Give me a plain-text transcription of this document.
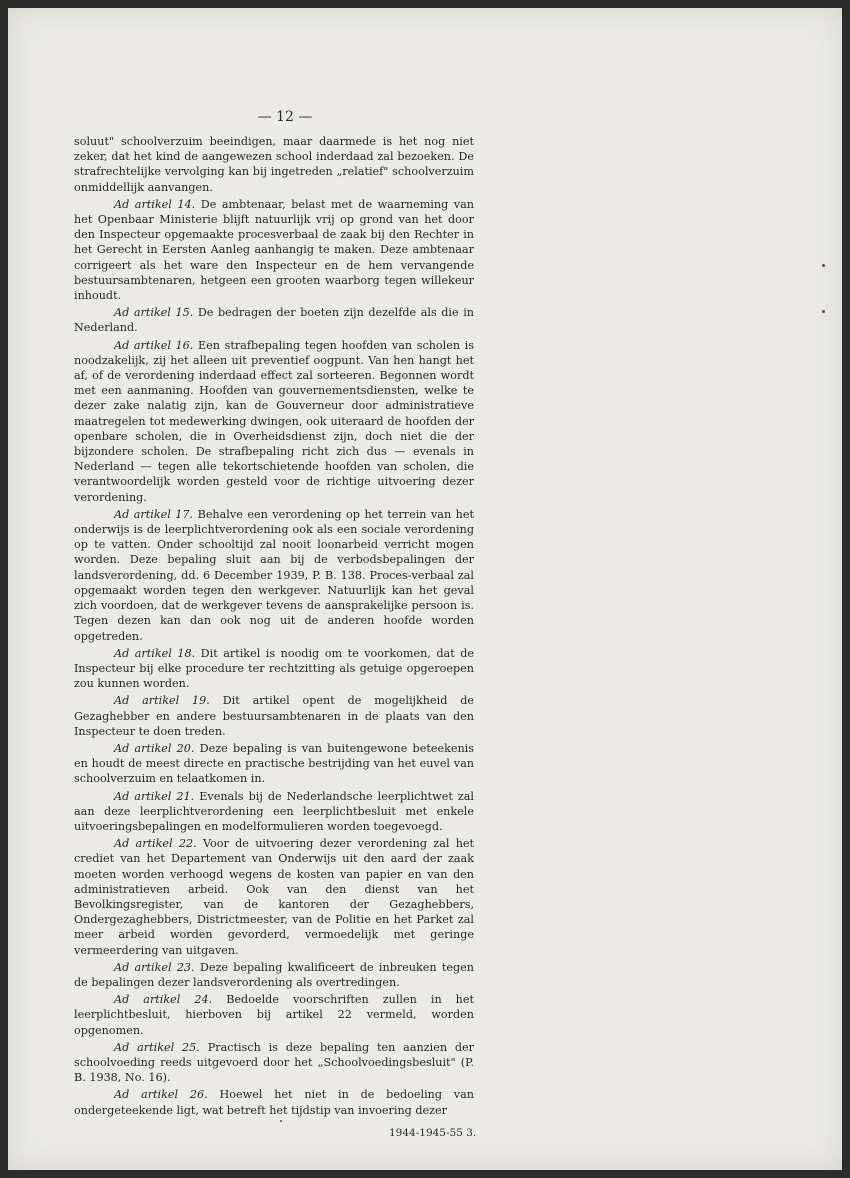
— 12 —

soluut" schoolverzuim beeindigen, maar daarmede is het nog niet zeker, dat het kind de aangewezen school inderdaad zal bezoeken. De strafrechtelijke vervolging kan bij ingetreden „relatief" schoolverzuim onmiddellijk aanvangen.

Ad artikel 14. De ambtenaar, belast met de waarneming van het Openbaar Ministerie blijft natuurlijk vrij op grond van het door den Inspecteur opgemaakte procesverbaal de zaak bij den Rechter in het Gerecht in Eersten Aanleg aanhangig te maken. Deze ambtenaar corrigeert als het ware den Inspecteur en de hem vervangende bestuursambtenaren, hetgeen een grooten waarborg tegen willekeur inhoudt.

Ad artikel 15. De bedragen der boeten zijn dezelfde als die in Nederland.

Ad artikel 16. Een strafbepaling tegen hoofden van scholen is noodzakelijk, zij het alleen uit preventief oogpunt. Van hen hangt het af, of de verordening inderdaad effect zal sorteeren. Begonnen wordt met een aanmaning. Hoofden van gouvernementsdiensten, welke te dezer zake nalatig zijn, kan de Gouverneur door administratieve maatregelen tot medewerking dwingen, ook uiteraard de hoofden der openbare scholen, die in Overheidsdienst zijn, doch niet die der bijzondere scholen. De strafbepaling richt zich dus — evenals in Nederland — tegen alle tekortschietende hoofden van scholen, die verantwoordelijk worden gesteld voor de richtige uitvoering dezer verordening.

Ad artikel 17. Behalve een verordening op het terrein van het onderwijs is de leerplichtverordening ook als een sociale verordening op te vatten. Onder schooltijd zal nooit loonarbeid verricht mogen worden. Deze bepaling sluit aan bij de verbodsbepalingen der landsverordening, dd. 6 December 1939, P. B. 138. Proces-verbaal zal opgemaakt worden tegen den werkgever. Natuurlijk kan het geval zich voordoen, dat de werkgever tevens de aansprakelijke persoon is. Tegen dezen kan dan ook nog uit de anderen hoofde worden opgetreden.

Ad artikel 18. Dit artikel is noodig om te voorkomen, dat de Inspecteur bij elke procedure ter rechtzitting als getuige opgeroepen zou kunnen worden.

Ad artikel 19. Dit artikel opent de mogelijkheid de Gezaghebber en andere bestuursambtenaren in de plaats van den Inspecteur te doen treden.

Ad artikel 20. Deze bepaling is van buitengewone beteekenis en houdt de meest directe en practische bestrijding van het euvel van schoolverzuim en telaatkomen in.

Ad artikel 21. Evenals bij de Nederlandsche leerplichtwet zal aan deze leerplichtverordening een leerplichtbesluit met enkele uitvoeringsbepalingen en modelformulieren worden toegevoegd.

Ad artikel 22. Voor de uitvoering dezer verordening zal het crediet van het Departement van Onderwijs uit den aard der zaak moeten worden verhoogd wegens de kosten van papier en van den administratieven arbeid. Ook van den dienst van het Bevolkingsregister, van de kantoren der Gezaghebbers, Ondergezaghebbers, Districtmeester, van de Politie en het Parket zal meer arbeid worden gevorderd, vermoedelijk met geringe vermeerdering van uitgaven.

Ad artikel 23. Deze bepaling kwalificeert de inbreuken tegen de bepalingen dezer landsverordening als overtredingen.

Ad artikel 24. Bedoelde voorschriften zullen in het leerplichtbesluit, hierboven bij artikel 22 vermeld, worden opgenomen.

Ad artikel 25. Practisch is deze bepaling ten aanzien der schoolvoeding reeds uitgevoerd door het „Schoolvoedingsbesluit" (P. B. 1938, No. 16).

Ad artikel 26. Hoewel het niet in de bedoeling van ondergeteekende ligt, wat betreft het tijdstip van invoering dezer

1944-1945-55 3.
